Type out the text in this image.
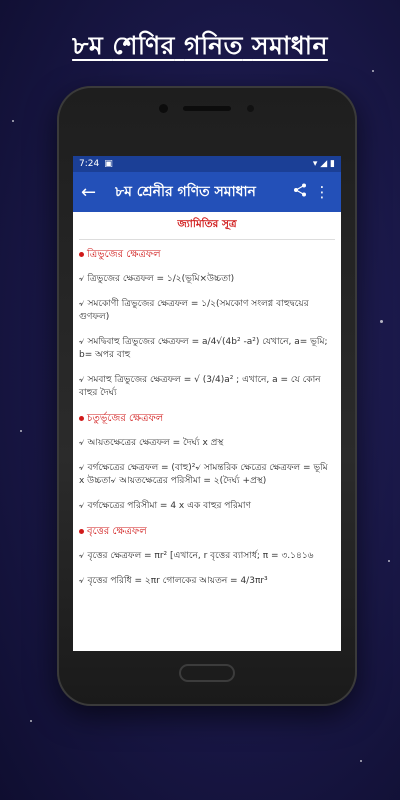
৮ম শেণির গনিত সমাধান
7:24 ▣	▾ ◢ ▮
←	৮ম শ্রেনীর গণিত সমাধান	⋮
জ্যামিতির সূত্র
ত্রিভুজের ক্ষেত্রফল
৵ ত্রিভুজের ক্ষেত্রফল = ১/২(ভূমি×উচ্চতা)
৵ সমকোণী ত্রিভুজের ক্ষেত্রফল = ১/২(সমকোণ সংলগ্ন বাহুদ্বয়ের গুণফল)
৵ সমদ্বিবাহু ত্রিভুজের ক্ষেত্রফল = a/4√(4b² -a²) যেখানে, a= ভূমি; b= অপর বাহু
৵ সমবাহু ত্রিভুজের ক্ষেত্রফল = √ (3/4)a² ; এখানে, a = যে কোন বাহুর দৈর্ঘ্য
চতুর্ভূজের ক্ষেত্রফল
৵ আয়তক্ষেত্রের ক্ষেত্রফল = দৈর্ঘ্য x প্রস্থ
৵ বর্গক্ষেত্রের ক্ষেত্রফল = (বাহু)²৵ সামন্তরিক ক্ষেত্রের ক্ষেত্রফল = ভূমি x উচ্চতা৵ আয়তক্ষেত্রের পরিসীমা = ২(দৈর্ঘ্য +প্রস্থ)
৵ বর্গক্ষেত্রের পরিসীমা = 4 x এক বাহুর পরিমাণ
বৃত্তের ক্ষেত্রফল
৵ বৃত্তের ক্ষেত্রফল = πr² [এখানে, r বৃত্তের ব্যাসার্ধ; π = ৩.১৪১৬
৵ বৃত্তের পরিধি = ২πr গোলকের আয়তন = 4/3πr³
